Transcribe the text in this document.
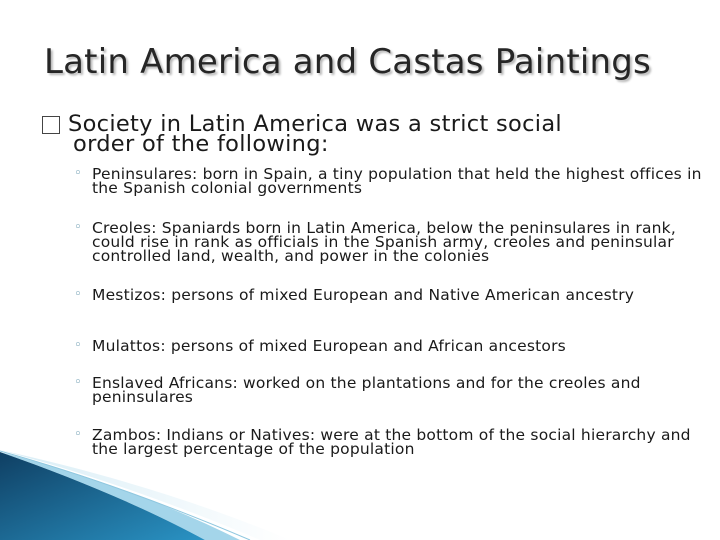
Latin America and Castas Paintings
Society in Latin America was a strict social
order of the following:
◦ Peninsulares: born in Spain, a tiny population that held the highest offices in the Spanish colonial governments
◦ Creoles: Spaniards born in Latin America, below the peninsulares in rank, could rise in rank as officials in the Spanish army, creoles and peninsular controlled land, wealth, and power in the colonies
◦ Mestizos: persons of mixed European and Native American ancestry
◦ Mulattos: persons of mixed European and African ancestors
◦ Enslaved Africans: worked on the plantations and for the creoles and peninsulares
◦ Zambos: Indians or Natives: were at the bottom of the social hierarchy and the largest percentage of the population
